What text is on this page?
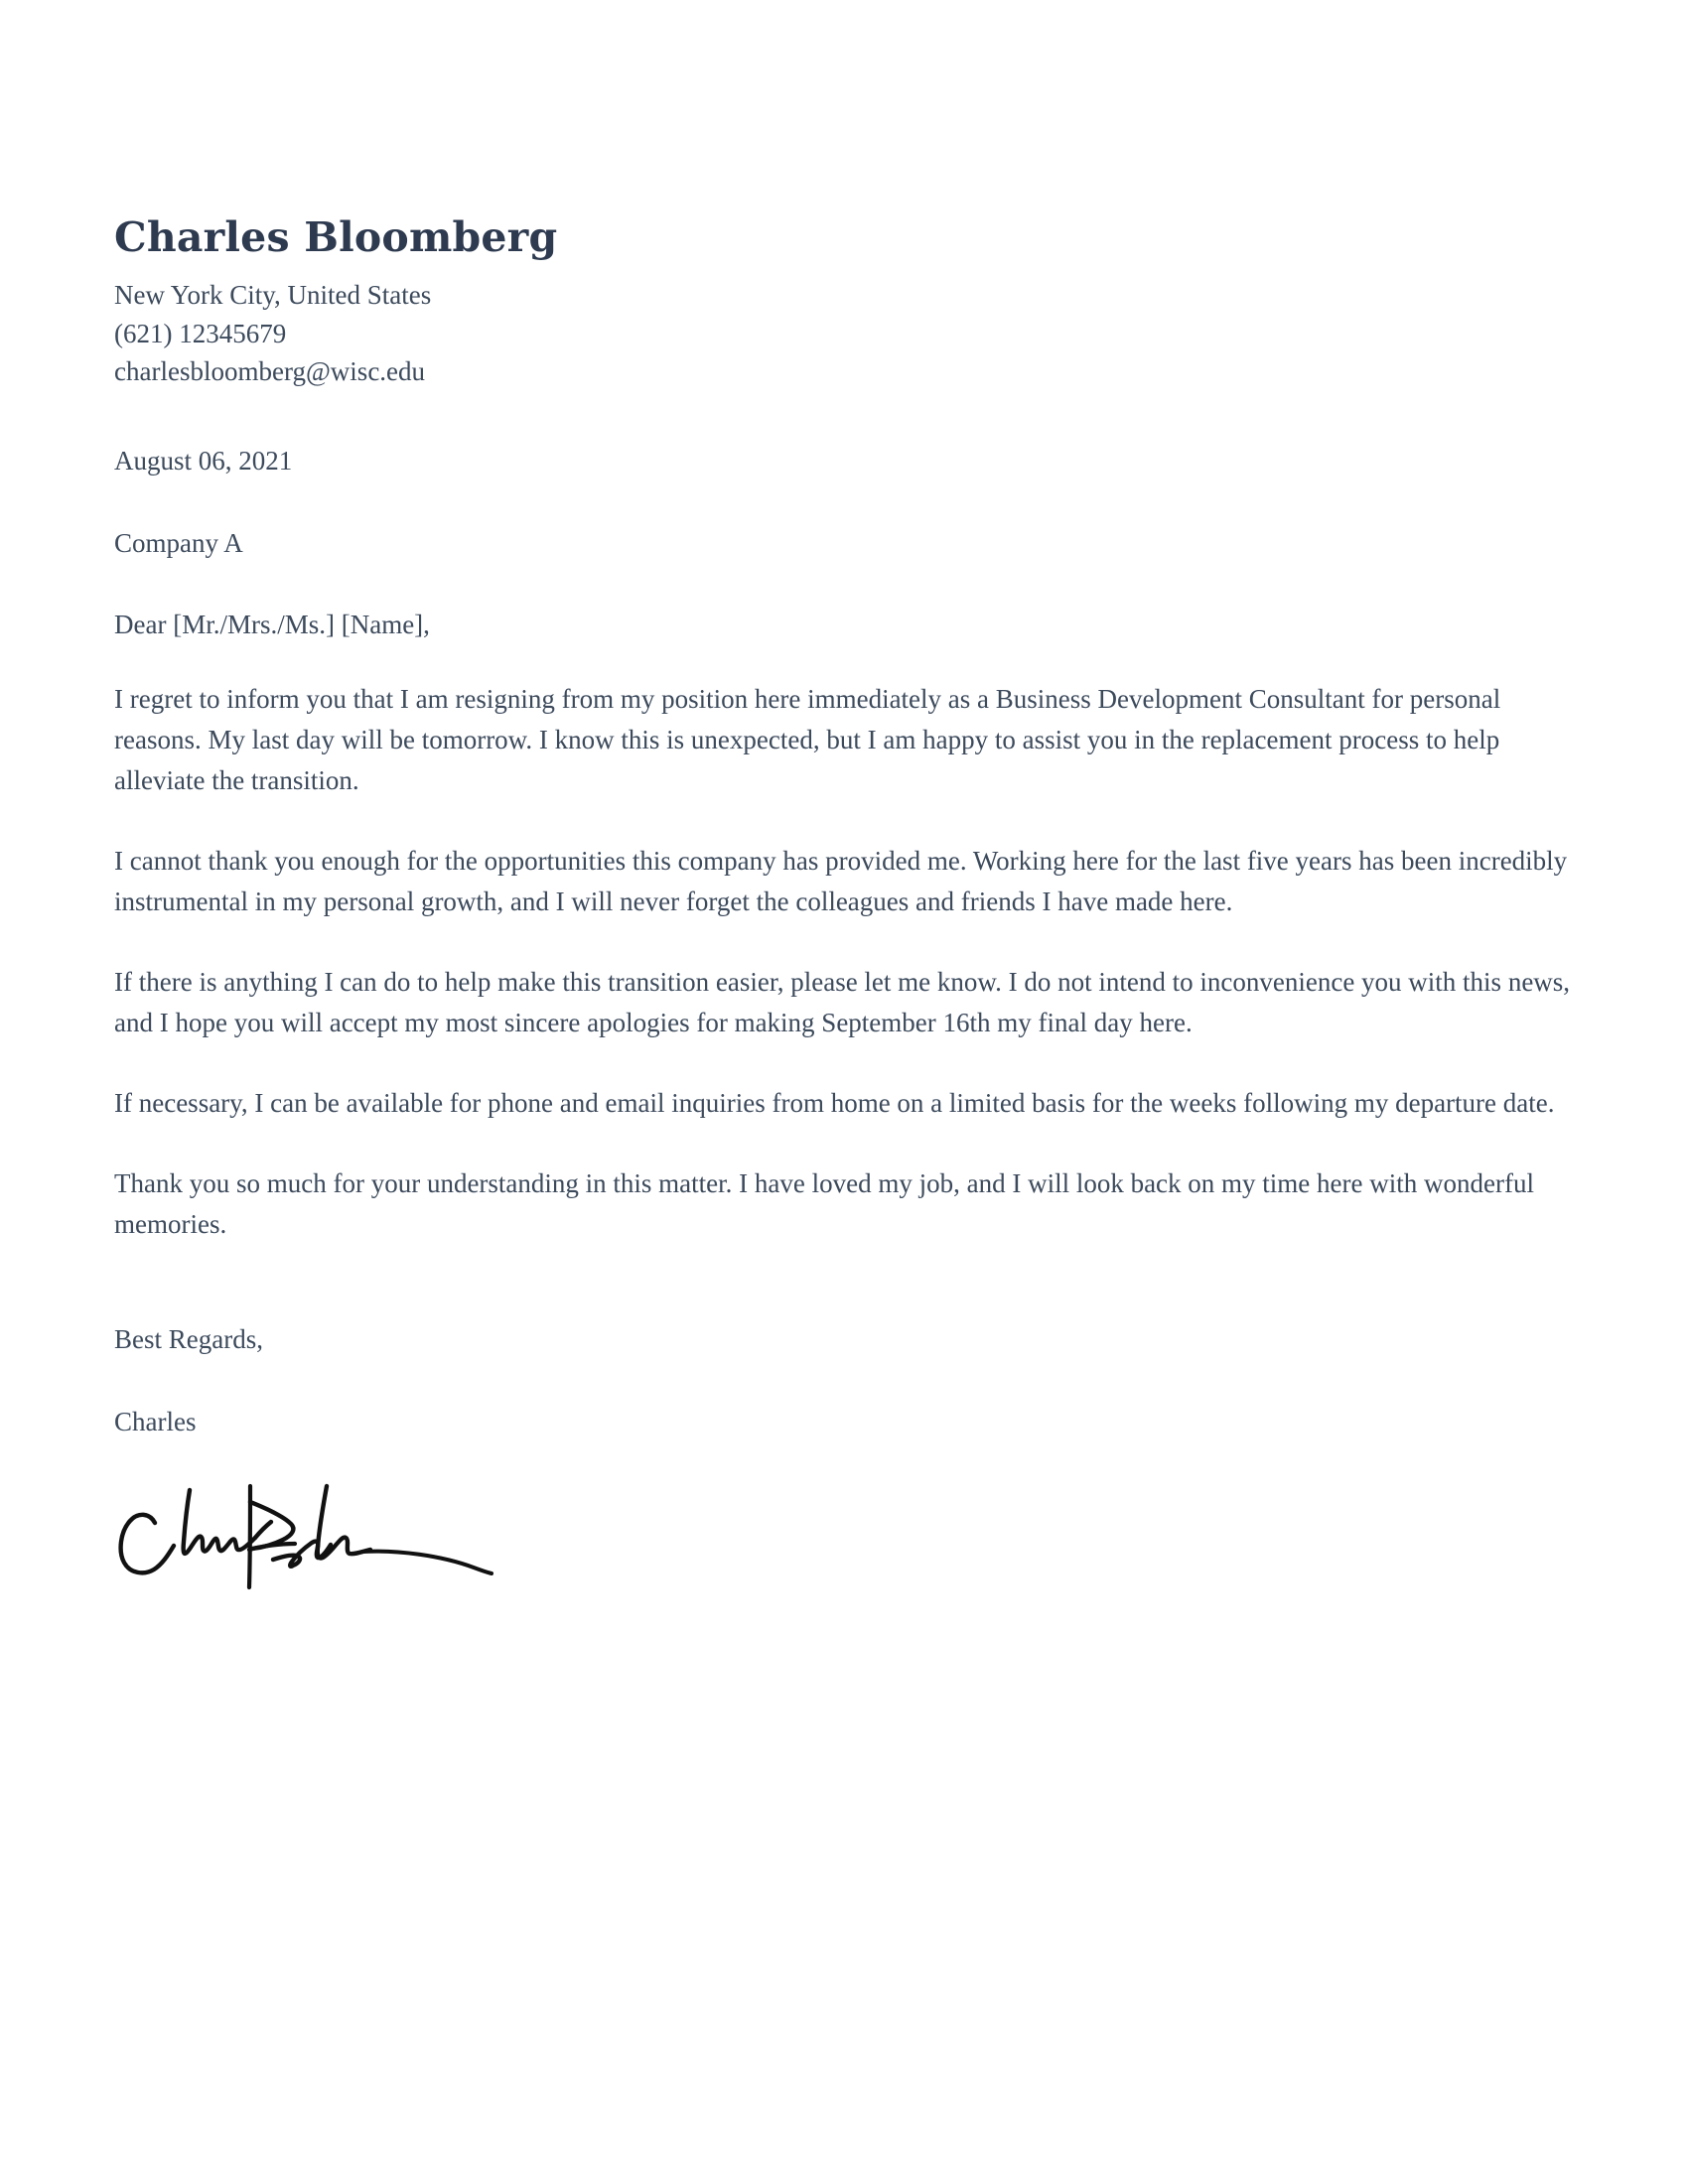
Charles Bloomberg
New York City, United States
(621) 12345679
charlesbloomberg@wisc.edu

August 06, 2021

Company A

Dear [Mr./Mrs./Ms.] [Name],

I regret to inform you that I am resigning from my position here immediately as a Business Development Consultant for personal reasons. My last day will be tomorrow. I know this is unexpected, but I am happy to assist you in the replacement process to help alleviate the transition.

I cannot thank you enough for the opportunities this company has provided me. Working here for the last five years has been incredibly instrumental in my personal growth, and I will never forget the colleagues and friends I have made here.

If there is anything I can do to help make this transition easier, please let me know. I do not intend to inconvenience you with this news, and I hope you will accept my most sincere apologies for making September 16th my final day here.

If necessary, I can be available for phone and email inquiries from home on a limited basis for the weeks following my departure date.

Thank you so much for your understanding in this matter. I have loved my job, and I will look back on my time here with wonderful memories.

Best Regards,

Charles
